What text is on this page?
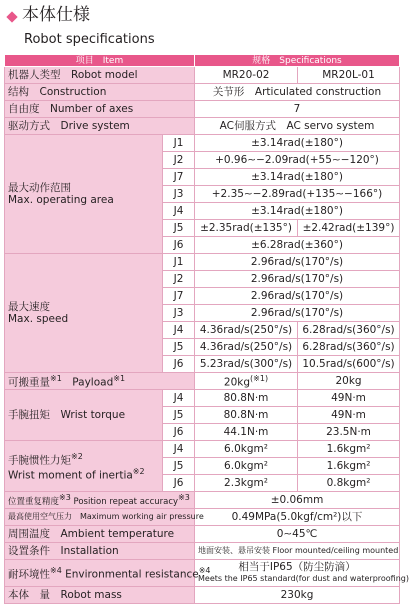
本体仕様
Robot specifications
项目　Item		规格　Specifications	
机器人类型　Robot model		MR20-02	MR20L-01
结构　Construction		关节形　Articulated construction	
自由度　Number of axes		7	
驱动方式　Drive system		AC伺服方式　AC servo system	
最大动作范围
Max. operating area	J1	±3.14rad(±180°)	
	J2	+0.96∼−2.09rad(+55∼−120°)	
	J7	±3.14rad(±180°)	
	J3	+2.35∼−2.89rad(+135∼−166°)	
	J4	±3.14rad(±180°)	
	J5	±2.35rad(±135°)	±2.42rad(±139°)
	J6	±6.28rad(±360°)	
最大速度
Max. speed	J1	2.96rad/s(170°/s)	
	J2	2.96rad/s(170°/s)	
	J7	2.96rad/s(170°/s)	
	J3	2.96rad/s(170°/s)	
	J4	4.36rad/s(250°/s)	6.28rad/s(360°/s)
	J5	4.36rad/s(250°/s)	6.28rad/s(360°/s)
	J6	5.23rad/s(300°/s)	10.5rad/s(600°/s)
可搬重量$^{※1}$　 Payload$^{※1}$		$20kg^{(※1)}$	20kg
手腕扭矩　Wrist torque	J4	80.8N·m	49N·m
	J5	80.8N·m	49N·m
	J6	44.1N·m	23.5N·m
手腕惯性力矩$^{※2}$
Wrist moment of inertia$^{※2}$	J4	6.0kgm²	1.6kgm²
	J5	6.0kgm²	1.6kgm²
	J6	2.3kgm²	0.8kgm²
位置重复精度$^{※3}$ Position repeat accuracy$^{※3}$		±0.06mm	
最高使用空气压力　Maximum working air pressure		0.49MPa(5.0kgf/cm²)以下	
周围温度　Ambient temperature		0∼45℃	
设置条件　Installation		地面安装、悬吊安装 Floor mounted/ceiling mounted	
耐环境性$^{※4}$ Environmental resistance$^{※4}$		相当于IP65（防尘防滴）
Meets the IP65 standard(for dust and waterproofing)	
本体　量　Robot mass		230kg	
